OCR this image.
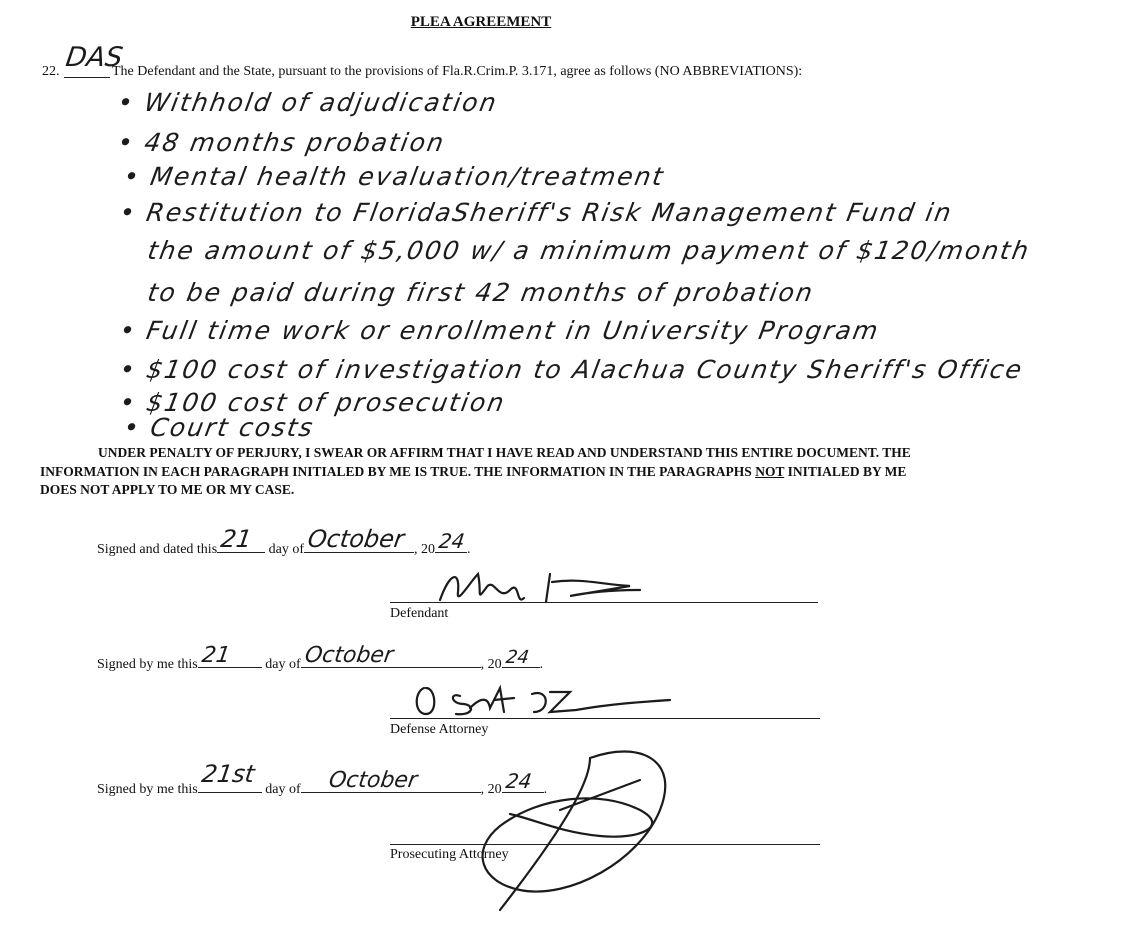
PLEA AGREEMENT
22. DAS
The Defendant and the State, pursuant to the provisions of Fla.R.Crim.P. 3.171, agree as follows (NO ABBREVIATIONS):
• Withhold of adjudication
• 48 months probation
• Mental health evaluation/treatment
• Restitution to FloridaSheriff's Risk Management Fund in
the amount of $5,000 w/ a minimum payment of $120/month
to be paid during first 42 months of probation
• Full time work or enrollment in University Program
• $100 cost of investigation to Alachua County Sheriff's Office
• $100 cost of prosecution
• Court costs
UNDER PENALTY OF PERJURY, I SWEAR OR AFFIRM THAT I HAVE READ AND UNDERSTAND THIS ENTIRE DOCUMENT. THE INFORMATION IN EACH PARAGRAPH INITIALED BY ME IS TRUE. THE INFORMATION IN THE PARAGRAPHS NOT INITIALED BY ME DOES NOT APPLY TO ME OR MY CASE.
Signed and dated this 21 day of October , 20 24 .
Defendant
Signed by me this 21 day of October	, 20 24 .
Defense Attorney
Signed by me this
21st
day of October	, 20 24 .
Prosecuting Attorney
